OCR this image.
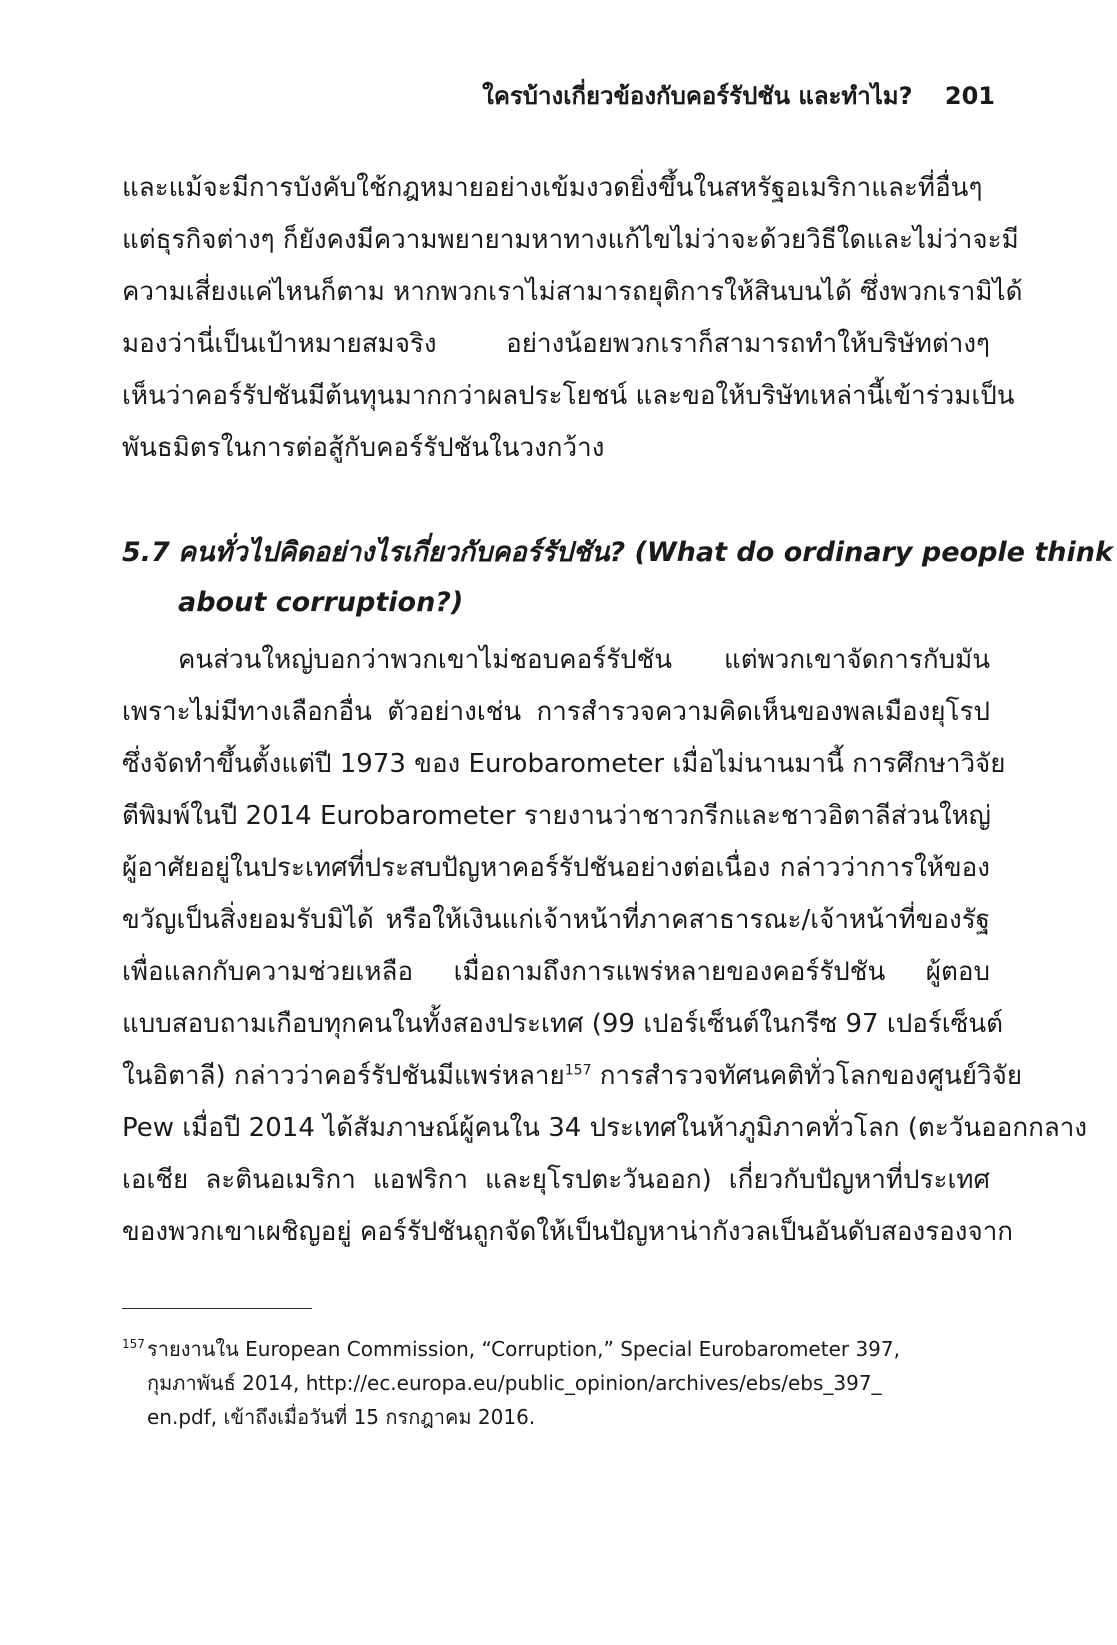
ใครบ้างเกี่ยวข้องกับคอร์รัปชัน และทำไม? 201
และแม้จะมีการบังคับใช้กฎหมายอย่างเข้มงวดยิ่งขึ้นในสหรัฐอเมริกาและที่อื่นๆ
แต่ธุรกิจต่างๆ ก็ยังคงมีความพยายามหาทางแก้ไขไม่ว่าจะด้วยวิธีใดและไม่ว่าจะมี
ความเสี่ยงแค่ไหนก็ตาม หากพวกเราไม่สามารถยุติการให้สินบนได้ ซึ่งพวกเรามิได้
มองว่านี่เป็นเป้าหมายสมจริง อย่างน้อยพวกเราก็สามารถทำให้บริษัทต่างๆ
เห็นว่าคอร์รัปชันมีต้นทุนมากกว่าผลประโยชน์ และขอให้บริษัทเหล่านี้เข้าร่วมเป็น
พันธมิตรในการต่อสู้กับคอร์รัปชันในวงกว้าง
5.7 คนทั่วไปคิดอย่างไรเกี่ยวกับคอร์รัปชัน? (What do ordinary people think
about corruption?)
คนส่วนใหญ่บอกว่าพวกเขาไม่ชอบคอร์รัปชัน แต่พวกเขาจัดการกับมัน
เพราะไม่มีทางเลือกอื่น ตัวอย่างเช่น การสำรวจความคิดเห็นของพลเมืองยุโรป
ซึ่งจัดทำขึ้นตั้งแต่ปี 1973 ของ Eurobarometer เมื่อไม่นานมานี้ การศึกษาวิจัย
ตีพิมพ์ในปี 2014 Eurobarometer รายงานว่าชาวกรีกและชาวอิตาลีส่วนใหญ่
ผู้อาศัยอยู่ในประเทศที่ประสบปัญหาคอร์รัปชันอย่างต่อเนื่อง กล่าวว่าการให้ของ
ขวัญเป็นสิ่งยอมรับมิได้ หรือให้เงินแก่เจ้าหน้าที่ภาคสาธารณะ/เจ้าหน้าที่ของรัฐ
เพื่อแลกกับความช่วยเหลือ เมื่อถามถึงการแพร่หลายของคอร์รัปชัน ผู้ตอบ
แบบสอบถามเกือบทุกคนในทั้งสองประเทศ (99 เปอร์เซ็นต์ในกรีซ 97 เปอร์เซ็นต์
ในอิตาลี) กล่าวว่าคอร์รัปชันมีแพร่หลาย$^{157}$ การสำรวจทัศนคติทั่วโลกของศูนย์วิจัย
Pew เมื่อปี 2014 ได้สัมภาษณ์ผู้คนใน 34 ประเทศในห้าภูมิภาคทั่วโลก (ตะวันออกกลาง
เอเชีย ละตินอเมริกา แอฟริกา และยุโรปตะวันออก) เกี่ยวกับปัญหาที่ประเทศ
ของพวกเขาเผชิญอยู่ คอร์รัปชันถูกจัดให้เป็นปัญหาน่ากังวลเป็นอันดับสองรองจาก
157 รายงานใน European Commission, “Corruption,” Special Eurobarometer 397,
กุมภาพันธ์ 2014, http://ec.europa.eu/public_opinion/archives/ebs/ebs_397_
en.pdf, เข้าถึงเมื่อวันที่ 15 กรกฎาคม 2016.
